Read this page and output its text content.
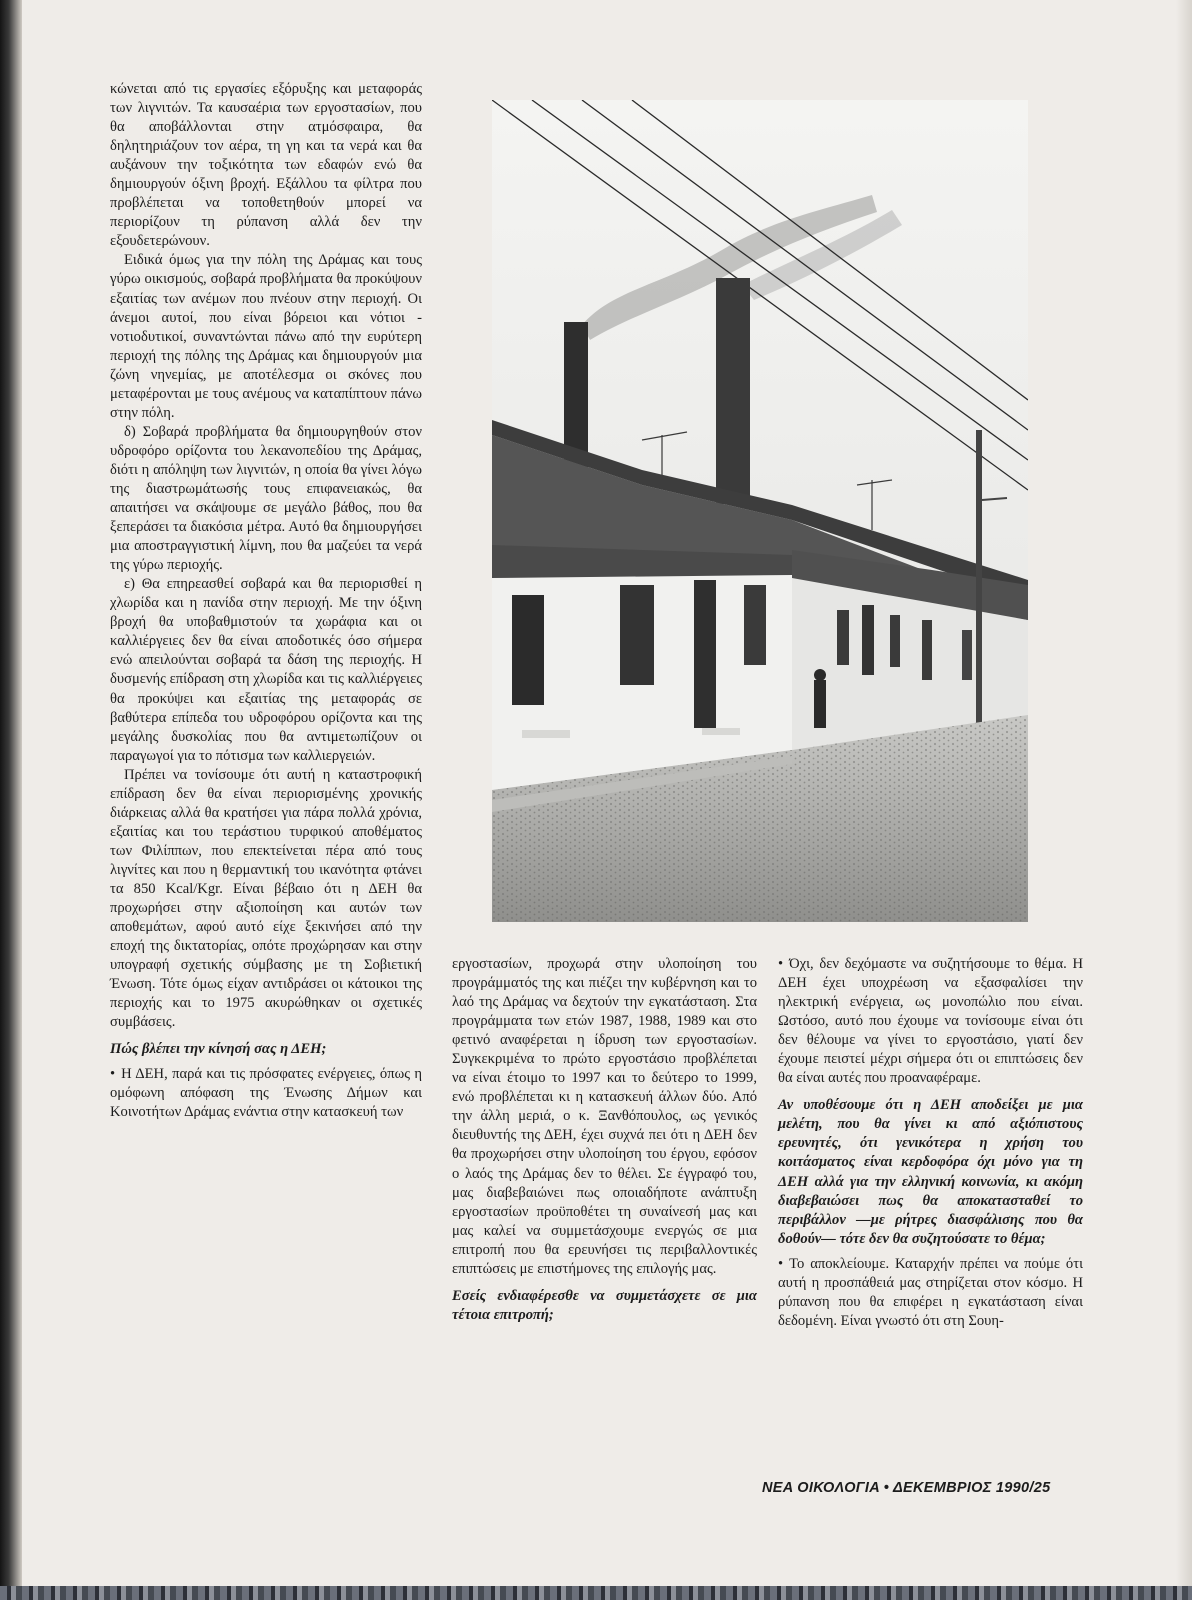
κώνεται από τις εργασίες εξόρυξης και μεταφοράς των λιγνιτών. Τα καυσαέρια των εργοστασίων, που θα αποβάλλονται στην ατμόσφαιρα, θα δηλητηριάζουν τον αέρα, τη γη και τα νερά και θα αυξάνουν την τοξικότητα των εδαφών ενώ θα δημιουργούν όξινη βροχή. Εξάλλου τα φίλτρα που προβλέπεται να τοποθετηθούν μπορεί να περιορίζουν τη ρύπανση αλλά δεν την εξουδετερώνουν.

Ειδικά όμως για την πόλη της Δράμας και τους γύρω οικισμούς, σοβαρά προβλήματα θα προκύψουν εξαιτίας των ανέμων που πνέουν στην περιοχή. Οι άνεμοι αυτοί, που είναι βόρειοι και νότιοι - νοτιοδυτικοί, συναντώνται πάνω από την ευρύτερη περιοχή της πόλης της Δράμας και δημιουργούν μια ζώνη νηνεμίας, με αποτέλεσμα οι σκόνες που μεταφέρονται με τους ανέμους να καταπίπτουν πάνω στην πόλη.

δ) Σοβαρά προβλήματα θα δημιουργηθούν στον υδροφόρο ορίζοντα του λεκανοπεδίου της Δράμας, διότι η απόληψη των λιγνιτών, η οποία θα γίνει λόγω της διαστρωμάτωσής τους επιφανειακώς, θα απαιτήσει να σκάψουμε σε μεγάλο βάθος, που θα ξεπεράσει τα διακόσια μέτρα. Αυτό θα δημιουργήσει μια αποστραγγιστική λίμνη, που θα μαζεύει τα νερά της γύρω περιοχής.

ε) Θα επηρεασθεί σοβαρά και θα περιορισθεί η χλωρίδα και η πανίδα στην περιοχή. Με την όξινη βροχή θα υποβαθμιστούν τα χωράφια και οι καλλιέργειες δεν θα είναι αποδοτικές όσο σήμερα ενώ απειλούνται σοβαρά τα δάση της περιοχής. Η δυσμενής επίδραση στη χλωρίδα και τις καλλιέργειες θα προκύψει και εξαιτίας της μεταφοράς σε βαθύτερα επίπεδα του υδροφόρου ορίζοντα και της μεγάλης δυσκολίας που θα αντιμετωπίζουν οι παραγωγοί για το πότισμα των καλλιεργειών.

Πρέπει να τονίσουμε ότι αυτή η καταστροφική επίδραση δεν θα είναι περιορισμένης χρονικής διάρκειας αλλά θα κρατήσει για πάρα πολλά χρόνια, εξαιτίας και του τεράστιου τυρφικού αποθέματος των Φιλίππων, που επεκτείνεται πέρα από τους λιγνίτες και που η θερμαντική του ικανότητα φτάνει τα 850 Kcal/Kgr. Είναι βέβαιο ότι η ΔΕΗ θα προχωρήσει στην αξιοποίηση και αυτών των αποθεμάτων, αφού αυτό είχε ξεκινήσει από την εποχή της δικτατορίας, οπότε προχώρησαν και στην υπογραφή σχετικής σύμβασης με τη Σοβιετική Ένωση. Τότε όμως είχαν αντιδράσει οι κάτοικοι της περιοχής και το 1975 ακυρώθηκαν οι σχετικές συμβάσεις.

Πώς βλέπει την κίνησή σας η ΔΕΗ;

• Η ΔΕΗ, παρά και τις πρόσφατες ενέργειες, όπως η ομόφωνη απόφαση της Ένωσης Δήμων και Κοινοτήτων Δράμας ενάντια στην κατασκευή των

εργοστασίων, προχωρά στην υλοποίηση του προγράμματός της και πιέζει την κυβέρνηση και το λαό της Δράμας να δεχτούν την εγκατάσταση. Στα προγράμματα των ετών 1987, 1988, 1989 και στο φετινό αναφέρεται η ίδρυση των εργοστασίων. Συγκεκριμένα το πρώτο εργοστάσιο προβλέπεται να είναι έτοιμο το 1997 και το δεύτερο το 1999, ενώ προβλέπεται κι η κατασκευή άλλων δύο. Από την άλλη μεριά, ο κ. Ξανθόπουλος, ως γενικός διευθυντής της ΔΕΗ, έχει συχνά πει ότι η ΔΕΗ δεν θα προχωρήσει στην υλοποίηση του έργου, εφόσον ο λαός της Δράμας δεν το θέλει. Σε έγγραφό του, μας διαβεβαιώνει πως οποιαδήποτε ανάπτυξη εργοστασίων προϋποθέτει τη συναίνεσή μας και μας καλεί να συμμετάσχουμε ενεργώς σε μια επιτροπή που θα ερευνήσει τις περιβαλλοντικές επιπτώσεις με επιστήμονες της επιλογής μας.

Εσείς ενδιαφέρεσθε να συμμετάσχετε σε μια τέτοια επιτροπή;

• Όχι, δεν δεχόμαστε να συζητήσουμε το θέμα. Η ΔΕΗ έχει υποχρέωση να εξασφαλίσει την ηλεκτρική ενέργεια, ως μονοπώλιο που είναι. Ωστόσο, αυτό που έχουμε να τονίσουμε είναι ότι δεν θέλουμε να γίνει το εργοστάσιο, γιατί δεν έχουμε πειστεί μέχρι σήμερα ότι οι επιπτώσεις δεν θα είναι αυτές που προαναφέραμε.

Αν υποθέσουμε ότι η ΔΕΗ αποδείξει με μια μελέτη, που θα γίνει κι από αξιόπιστους ερευνητές, ότι γενικότερα η χρήση του κοιτάσματος είναι κερδοφόρα όχι μόνο για τη ΔΕΗ αλλά για την ελληνική κοινωνία, κι ακόμη διαβεβαιώσει πως θα αποκατασταθεί το περιβάλλον —με ρήτρες διασφάλισης που θα δοθούν— τότε δεν θα συζητούσατε το θέμα;

• Το αποκλείουμε. Καταρχήν πρέπει να πούμε ότι αυτή η προσπάθειά μας στηρίζεται στον κόσμο. Η ρύπανση που θα επιφέρει η εγκατάσταση είναι δεδομένη. Είναι γνωστό ότι στη Σουη-

ΝΕΑ ΟΙΚΟΛΟΓΙΑ • ΔΕΚΕΜΒΡΙΟΣ 1990/25
